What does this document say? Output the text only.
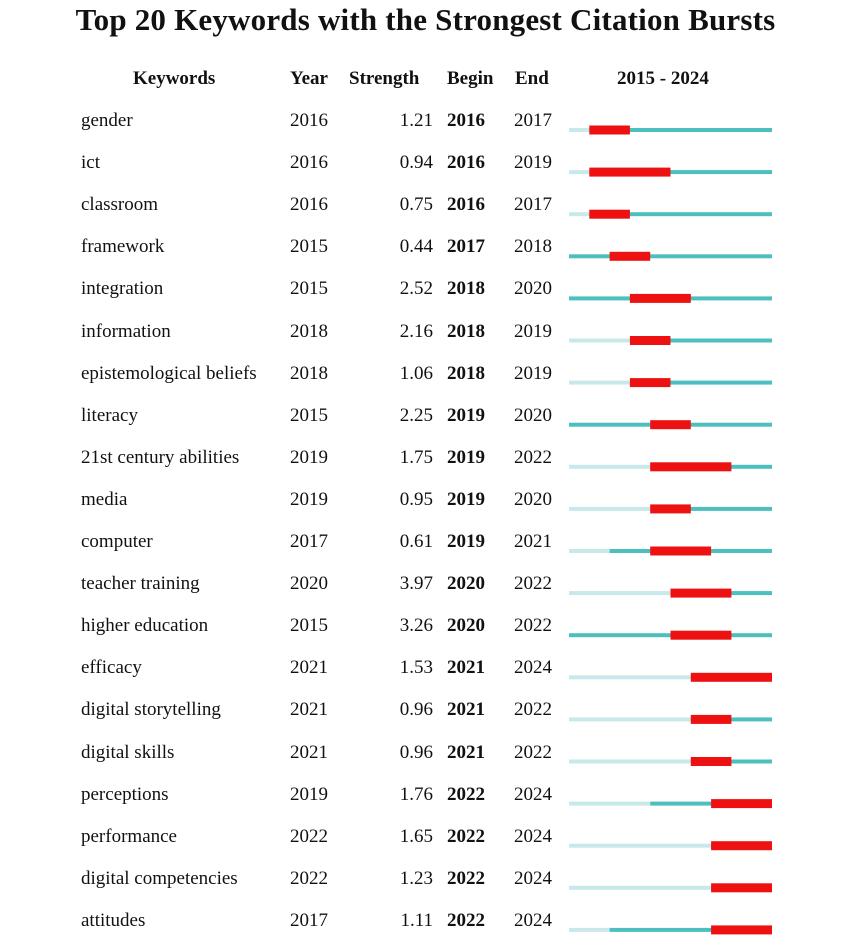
Top 20 Keywords with the Strongest Citation Bursts
Keywords	Year Strength Begin End	2015 - 2024
gender	2016	1.21 2016 2017
ict	2016	0.94 2016 2019
classroom	2016	0.75 2016 2017
framework	2015	0.44 2017 2018
integration	2015	2.52 2018 2020
information	2018	2.16 2018 2019
epistemological beliefs 2018	1.06 2018 2019
literacy	2015	2.25 2019 2020
21st century abilities	2019	1.75 2019 2022
media	2019	0.95 2019 2020
computer	2017	0.61 2019 2021
teacher training	2020	3.97 2020 2022
higher education	2015	3.26 2020 2022
efficacy	2021	1.53 2021 2024
digital storytelling	2021	0.96 2021 2022
digital skills	2021	0.96 2021 2022
perceptions	2019	1.76 2022 2024
performance	2022	1.65 2022 2024
digital competencies	2022	1.23 2022 2024
attitudes	2017	1.11 2022 2024
